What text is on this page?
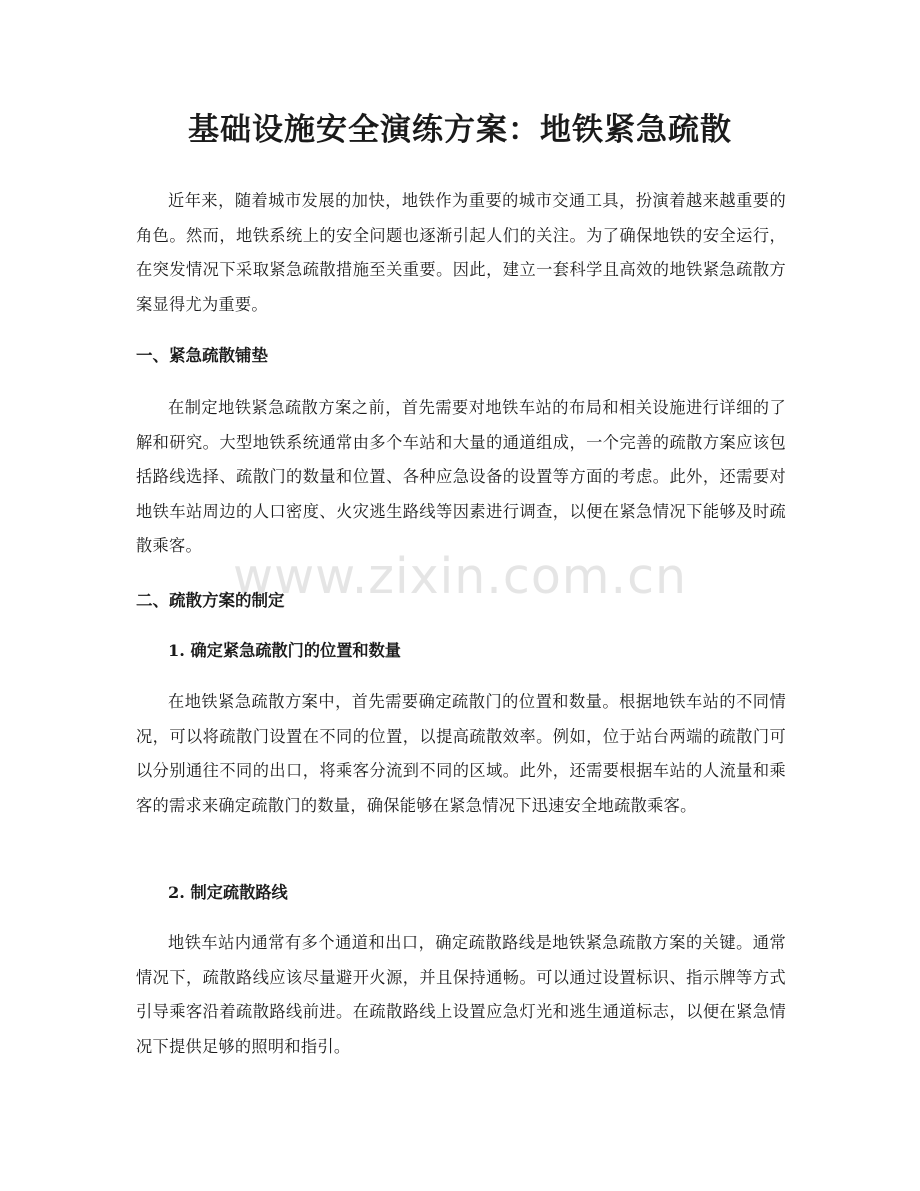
基础设施安全演练方案：地铁紧急疏散

近年来，随着城市发展的加快，地铁作为重要的城市交通工具，扮演着越来越重要的角色。然而，地铁系统上的安全问题也逐渐引起人们的关注。为了确保地铁的安全运行，在突发情况下采取紧急疏散措施至关重要。因此，建立一套科学且高效的地铁紧急疏散方案显得尤为重要。

一、紧急疏散铺垫

在制定地铁紧急疏散方案之前，首先需要对地铁车站的布局和相关设施进行详细的了解和研究。大型地铁系统通常由多个车站和大量的通道组成，一个完善的疏散方案应该包括路线选择、疏散门的数量和位置、各种应急设备的设置等方面的考虑。此外，还需要对地铁车站周边的人口密度、火灾逃生路线等因素进行调查，以便在紧急情况下能够及时疏散乘客。

二、疏散方案的制定
1. 确定紧急疏散门的位置和数量

在地铁紧急疏散方案中，首先需要确定疏散门的位置和数量。根据地铁车站的不同情况，可以将疏散门设置在不同的位置，以提高疏散效率。例如，位于站台两端的疏散门可以分别通往不同的出口，将乘客分流到不同的区域。此外，还需要根据车站的人流量和乘客的需求来确定疏散门的数量，确保能够在紧急情况下迅速安全地疏散乘客。

2. 制定疏散路线

地铁车站内通常有多个通道和出口，确定疏散路线是地铁紧急疏散方案的关键。通常情况下，疏散路线应该尽量避开火源，并且保持通畅。可以通过设置标识、指示牌等方式引导乘客沿着疏散路线前进。在疏散路线上设置应急灯光和逃生通道标志，以便在紧急情况下提供足够的照明和指引。

www.zixin.com.cn
